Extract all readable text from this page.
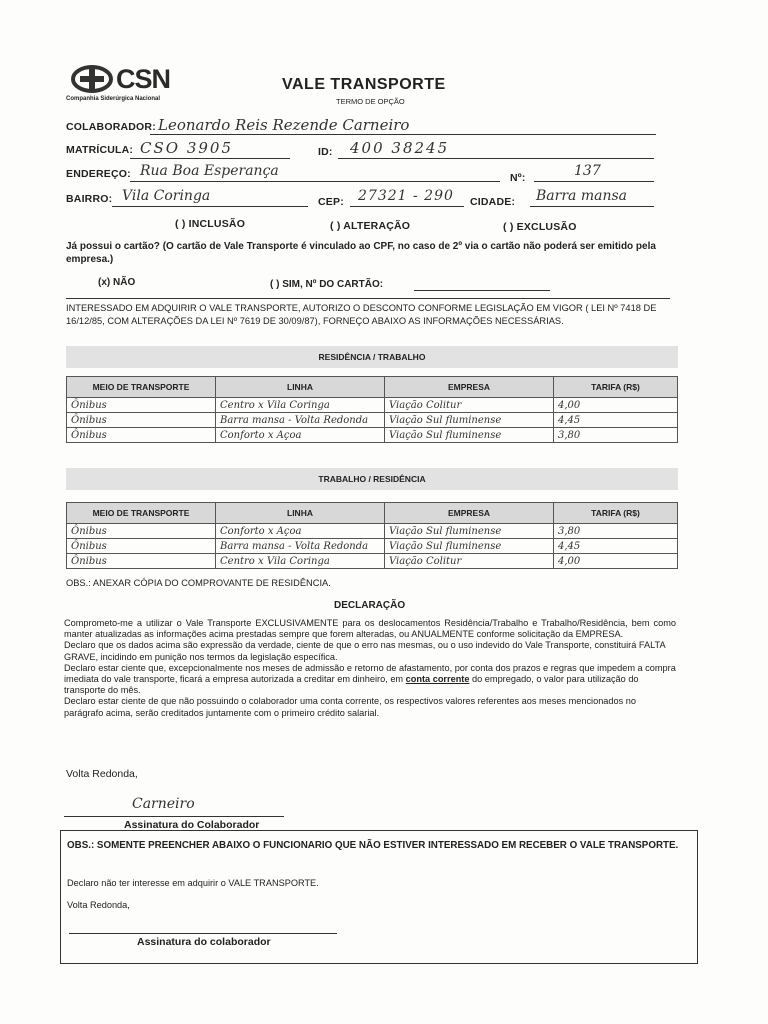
CSN
Companhia Siderúrgica Nacional
VALE TRANSPORTE
TERMO DE OPÇÃO
COLABORADOR: Leonardo Reis Rezende Carneiro
MATRÍCULA: CSO 3905	ID: 400 38245
ENDEREÇO: Rua Boa Esperança	Nº:	137
BAIRRO: Vila Coringa	CEP: 27321 - 290 CIDADE: Barra mansa
( ) INCLUSÃO	( ) ALTERAÇÃO	( ) EXCLUSÃO
Já possui o cartão? (O cartão de Vale Transporte é vinculado ao CPF, no caso de 2º via o cartão não poderá ser emitido pela empresa.)
(x) NÃO	( ) SIM, Nº DO CARTÃO:
INTERESSADO EM ADQUIRIR O VALE TRANSPORTE, AUTORIZO O DESCONTO CONFORME LEGISLAÇÃO EM VIGOR ( LEI Nº 7418 DE 16/12/85, COM ALTERAÇÕES DA LEI Nº 7619 DE 30/09/87), FORNEÇO ABAIXO AS INFORMAÇÕES NECESSÁRIAS.
RESIDÊNCIA / TRABALHO
MEIO DE TRANSPORTE	LINHA	EMPRESA	TARIFA (R$)
Ônibus	Centro x Vila Coringa	Viação Colitur	4,00
Ônibus	Barra mansa - Volta Redonda	Viação Sul fluminense	4,45
Ônibus	Conforto x Açoa	Viação Sul fluminense	3,80
TRABALHO / RESIDÊNCIA
MEIO DE TRANSPORTE	LINHA	EMPRESA	TARIFA (R$)
Ônibus	Conforto x Açoa	Viação Sul fluminense	3,80
Ônibus	Barra mansa - Volta Redonda	Viação Sul fluminense	4,45
Ônibus	Centro x Vila Coringa	Viação Colitur	4,00
OBS.: ANEXAR CÓPIA DO COMPROVANTE DE RESIDÊNCIA.
DECLARAÇÃO
Comprometo-me a utilizar o Vale Transporte EXCLUSIVAMENTE para os deslocamentos Residência/Trabalho e Trabalho/Residência, bem como manter atualizadas as informações acima prestadas sempre que forem alteradas, ou ANUALMENTE conforme solicitação da EMPRESA.
Declaro que os dados acima são expressão da verdade, ciente de que o erro nas mesmas, ou o uso indevido do Vale Transporte, constituirá FALTA GRAVE, incidindo em punição nos termos da legislação específica.
Declaro estar ciente que, excepcionalmente nos meses de admissão e retorno de afastamento, por conta dos prazos e regras que impedem a compra imediata do vale transporte, ficará a empresa autorizada a creditar em dinheiro, em conta corrente do empregado, o valor para utilização do transporte do mês.
Declaro estar ciente de que não possuindo o colaborador uma conta corrente, os respectivos valores referentes aos meses mencionados no parágrafo acima, serão creditados juntamente com o primeiro crédito salarial.
Volta Redonda,
Carneiro
Assinatura do Colaborador
OBS.: SOMENTE PREENCHER ABAIXO O FUNCIONARIO QUE NÃO ESTIVER INTERESSADO EM RECEBER O VALE TRANSPORTE.
Declaro não ter interesse em adquirir o VALE TRANSPORTE.
Volta Redonda,
Assinatura do colaborador
